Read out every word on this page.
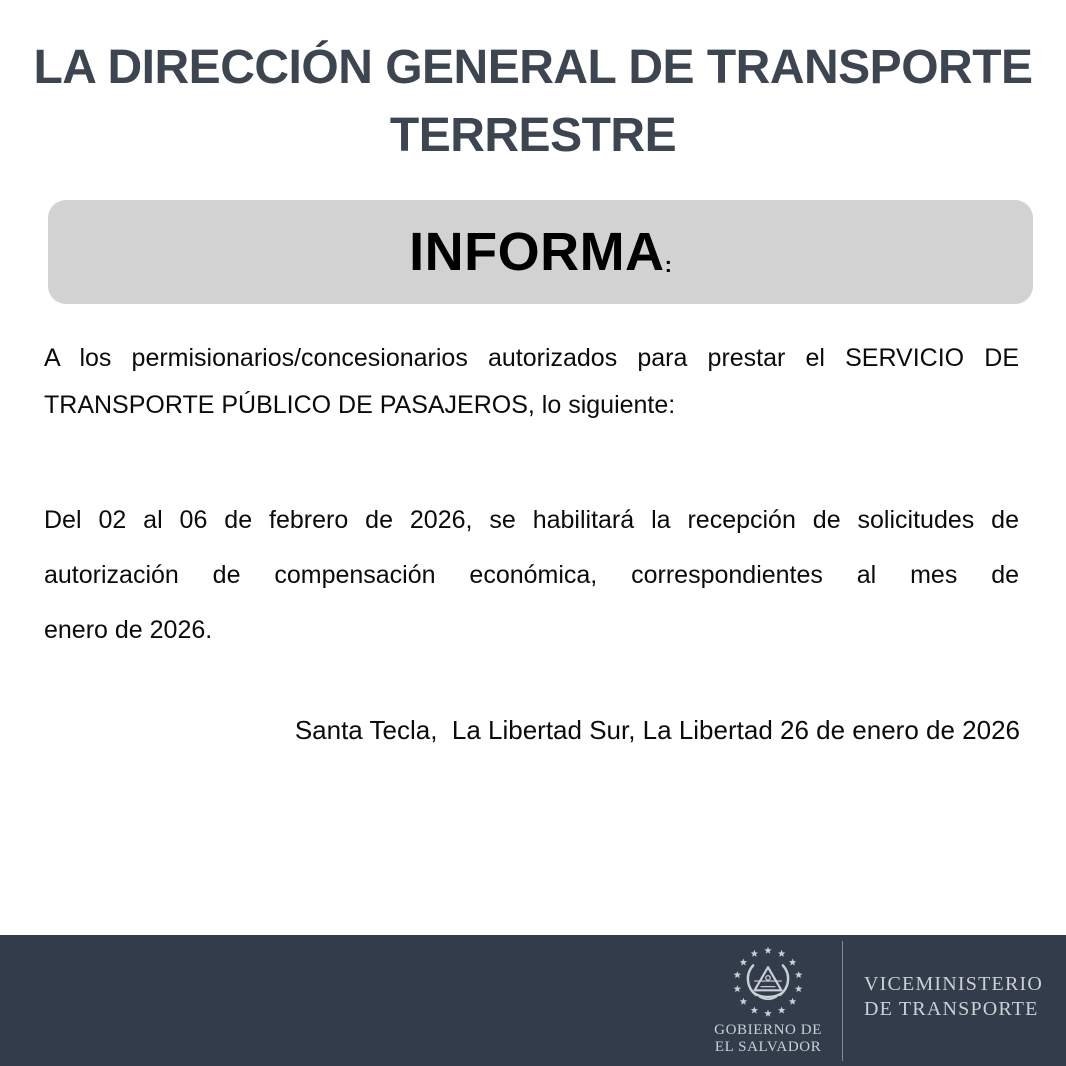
LA DIRECCIÓN GENERAL DE TRANSPORTE
TERRESTRE
INFORMA :

A los permisionarios/concesionarios autorizados para prestar el SERVICIO DE
TRANSPORTE PÚBLICO DE PASAJEROS, lo siguiente:

Del 02 al 06 de febrero de 2026, se habilitará la recepción de solicitudes de
autorización de compensación económica, correspondientes al mes de
enero de 2026.

Santa Tecla,  La Libertad Sur, La Libertad 26 de enero de 2026

GOBIERNO DE
EL SALVADOR
VICEMINISTERIO
DE TRANSPORTE
